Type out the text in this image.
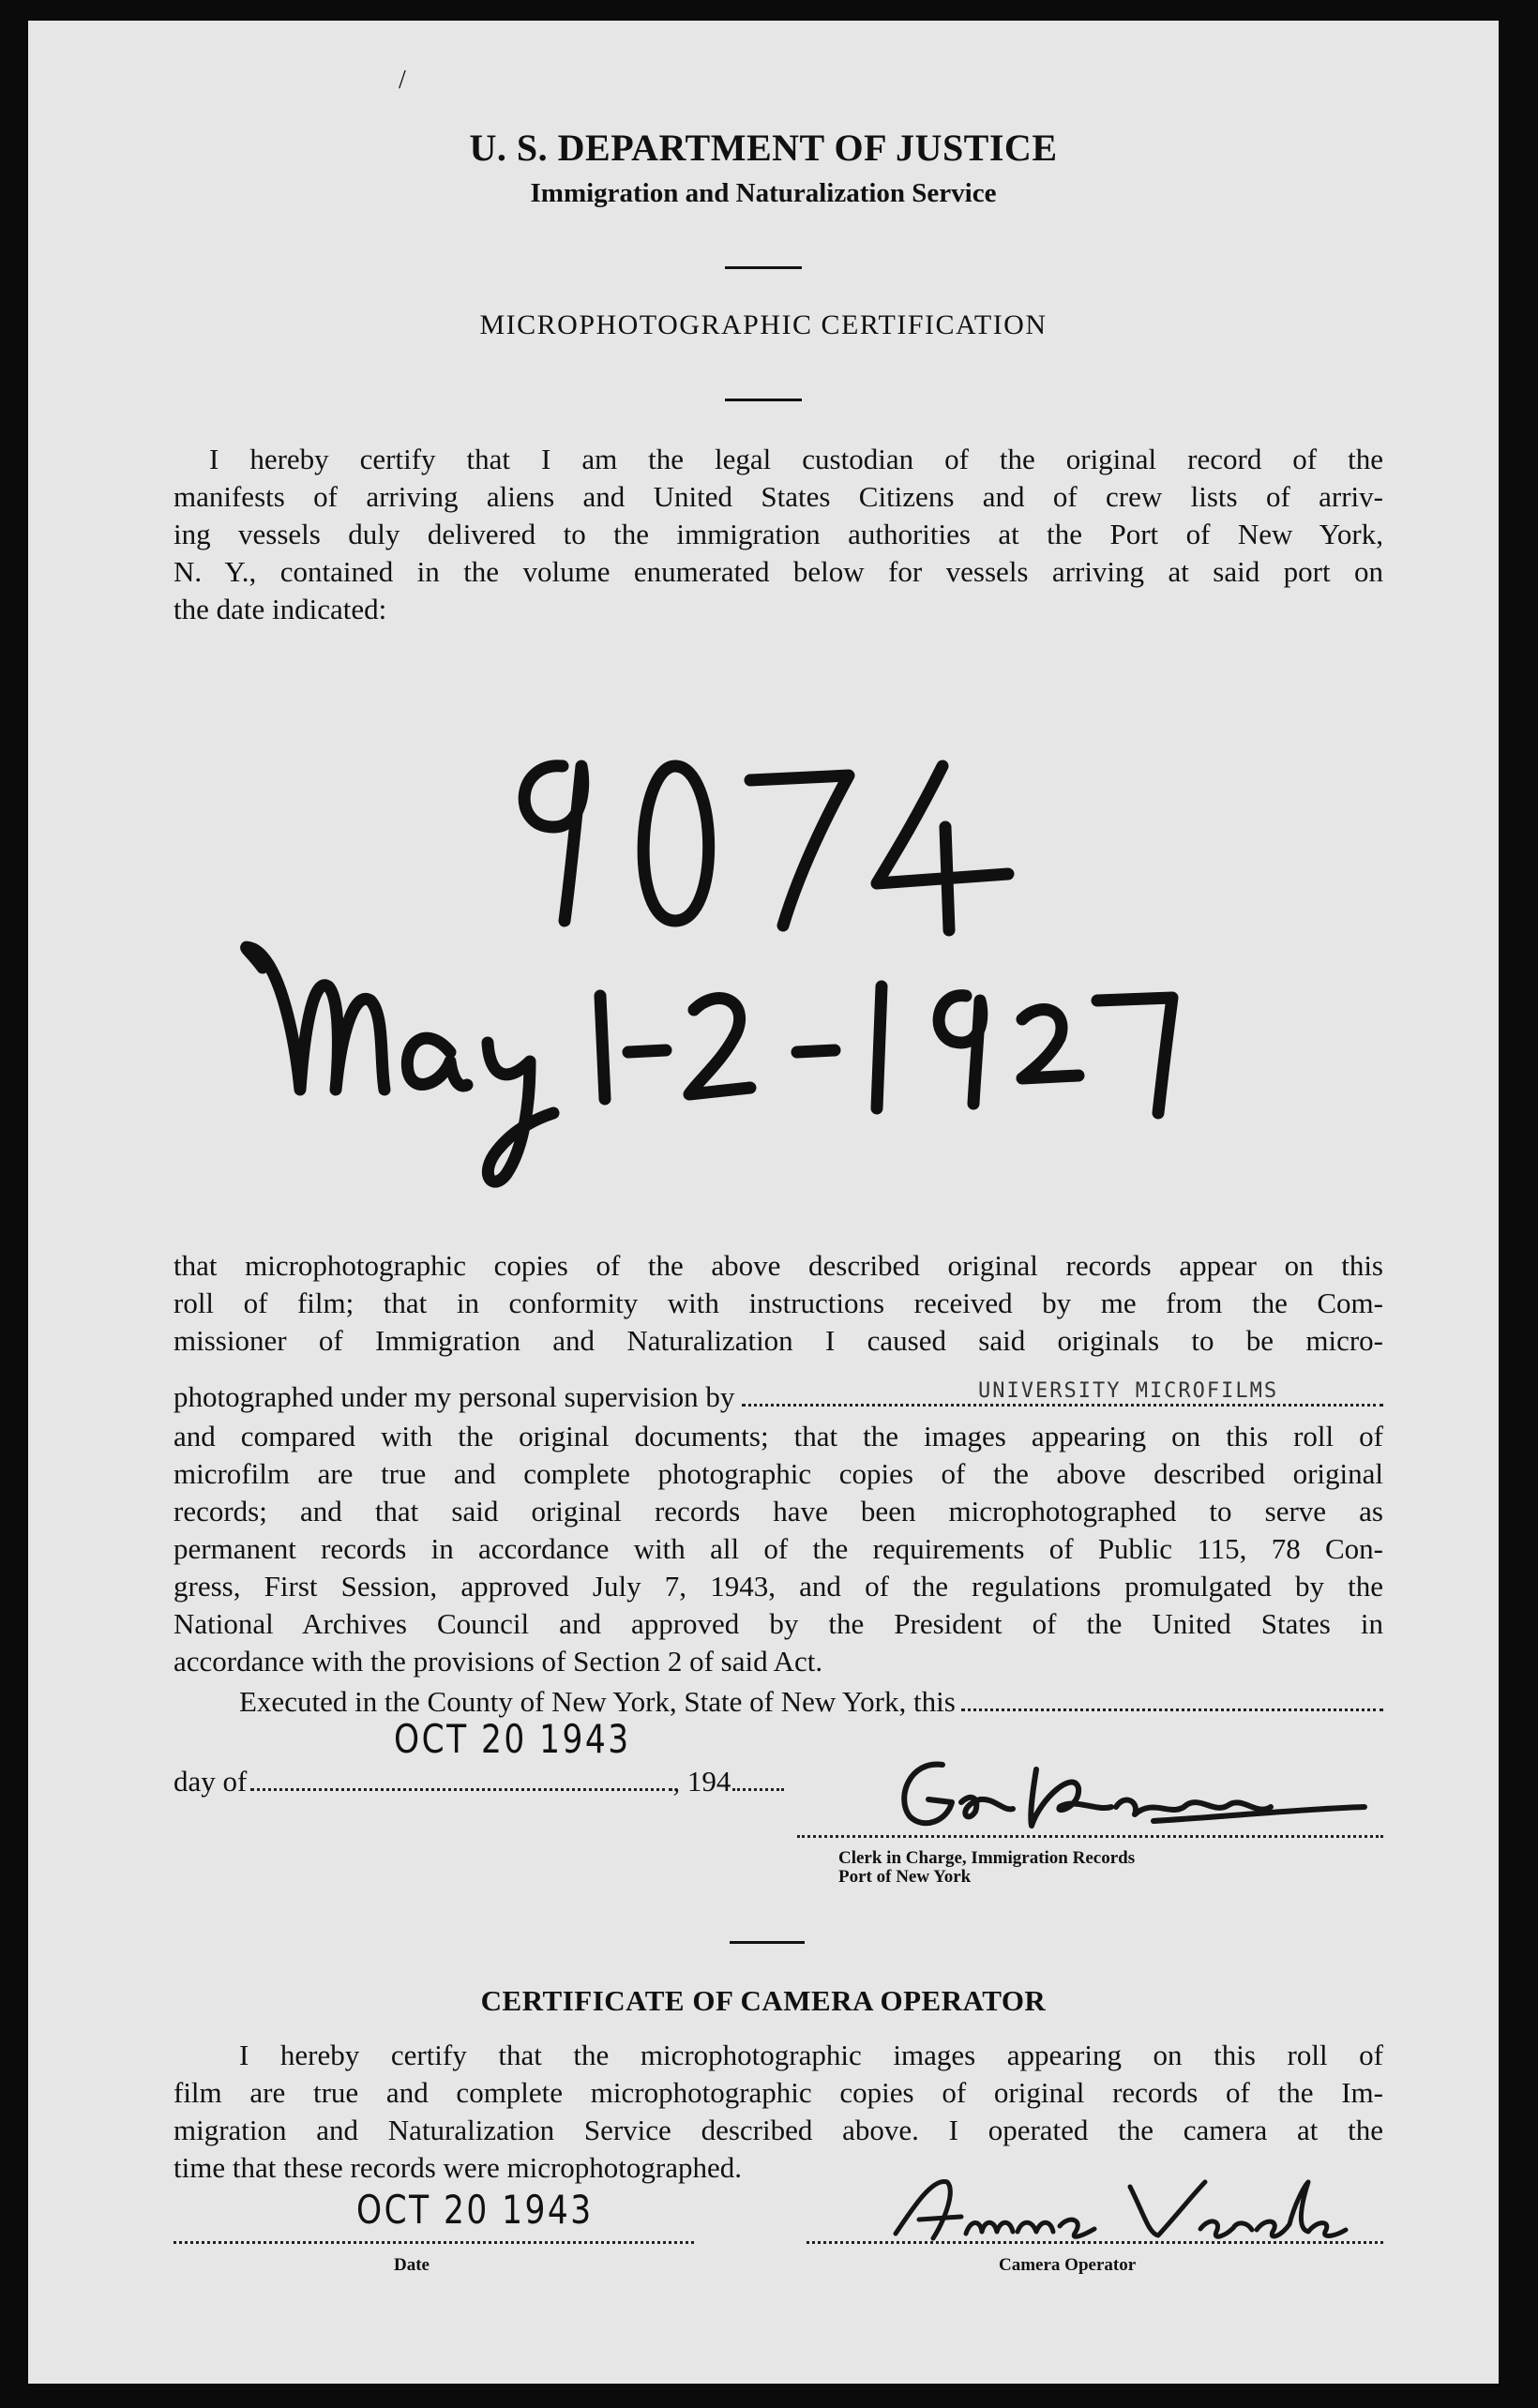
/
U. S. DEPARTMENT OF JUSTICE
Immigration and Naturalization Service
MICROPHOTOGRAPHIC CERTIFICATION
I hereby certify that I am the legal custodian of the original record of the
manifests of arriving aliens and United States Citizens and of crew lists of arriv-
ing vessels duly delivered to the immigration authorities at the Port of New York,
N. Y., contained in the volume enumerated below for vessels arriving at said port on
the date indicated:
that microphotographic copies of the above described original records appear on this
roll of film; that in conformity with instructions received by me from the Com-
missioner of Immigration and Naturalization I caused said originals to be micro-
photographed under my personal supervision by	UNIVERSITY MICROFILMS
and compared with the original documents; that the images appearing on this roll of
microfilm are true and complete photographic copies of the above described original
records; and that said original records have been microphotographed to serve as
permanent records in accordance with all of the requirements of Public 115, 78 Con-
gress, First Session, approved July 7, 1943, and of the regulations promulgated by the
National Archives Council and approved by the President of the United States in
accordance with the provisions of Section 2 of said Act.
Executed in the County of New York, State of New York, this
OCT 20 1943
day of	, 194
Clerk in Charge, Immigration Records
Port of New York
CERTIFICATE OF CAMERA OPERATOR
I hereby certify that the microphotographic images appearing on this roll of
film are true and complete microphotographic copies of original records of the Im-
migration and Naturalization Service described above. I operated the camera at the
time that these records were microphotographed.
OCT 20 1943
Date	Camera Operator
